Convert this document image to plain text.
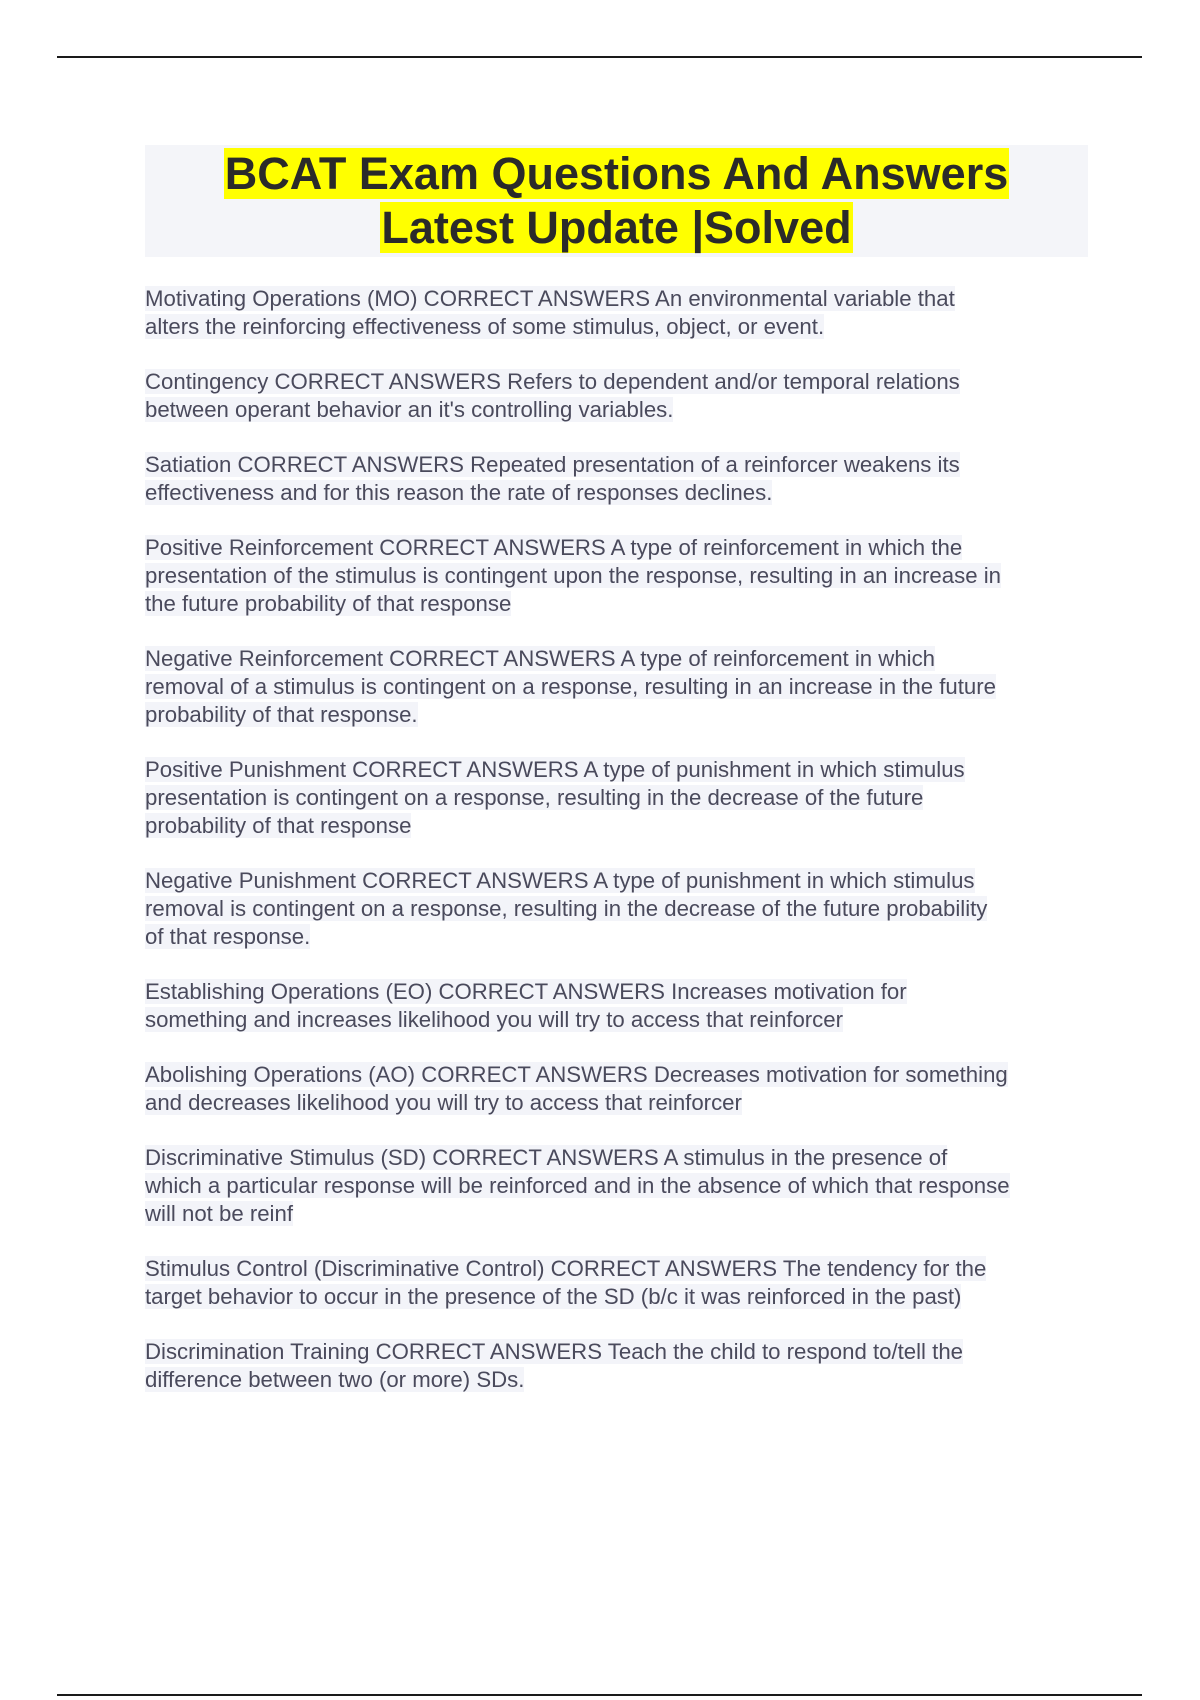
BCAT Exam Questions And Answers
Latest Update |Solved

Motivating Operations (MO) CORRECT ANSWERS An environmental variable that

alters the reinforcing effectiveness of some stimulus, object, or event.

Contingency CORRECT ANSWERS Refers to dependent and/or temporal relations

between operant behavior an it's controlling variables.

Satiation CORRECT ANSWERS Repeated presentation of a reinforcer weakens its

effectiveness and for this reason the rate of responses declines.

Positive Reinforcement CORRECT ANSWERS A type of reinforcement in which the

presentation of the stimulus is contingent upon the response, resulting in an increase in

the future probability of that response

Negative Reinforcement CORRECT ANSWERS A type of reinforcement in which

removal of a stimulus is contingent on a response, resulting in an increase in the future

probability of that response.

Positive Punishment CORRECT ANSWERS A type of punishment in which stimulus

presentation is contingent on a response, resulting in the decrease of the future

probability of that response

Negative Punishment CORRECT ANSWERS A type of punishment in which stimulus

removal is contingent on a response, resulting in the decrease of the future probability

of that response.

Establishing Operations (EO) CORRECT ANSWERS Increases motivation for

something and increases likelihood you will try to access that reinforcer

Abolishing Operations (AO) CORRECT ANSWERS Decreases motivation for something

and decreases likelihood you will try to access that reinforcer

Discriminative Stimulus (SD) CORRECT ANSWERS A stimulus in the presence of

which a particular response will be reinforced and in the absence of which that response

will not be reinf

Stimulus Control (Discriminative Control) CORRECT ANSWERS The tendency for the

target behavior to occur in the presence of the SD (b/c it was reinforced in the past)

Discrimination Training CORRECT ANSWERS Teach the child to respond to/tell the

difference between two (or more) SDs.
